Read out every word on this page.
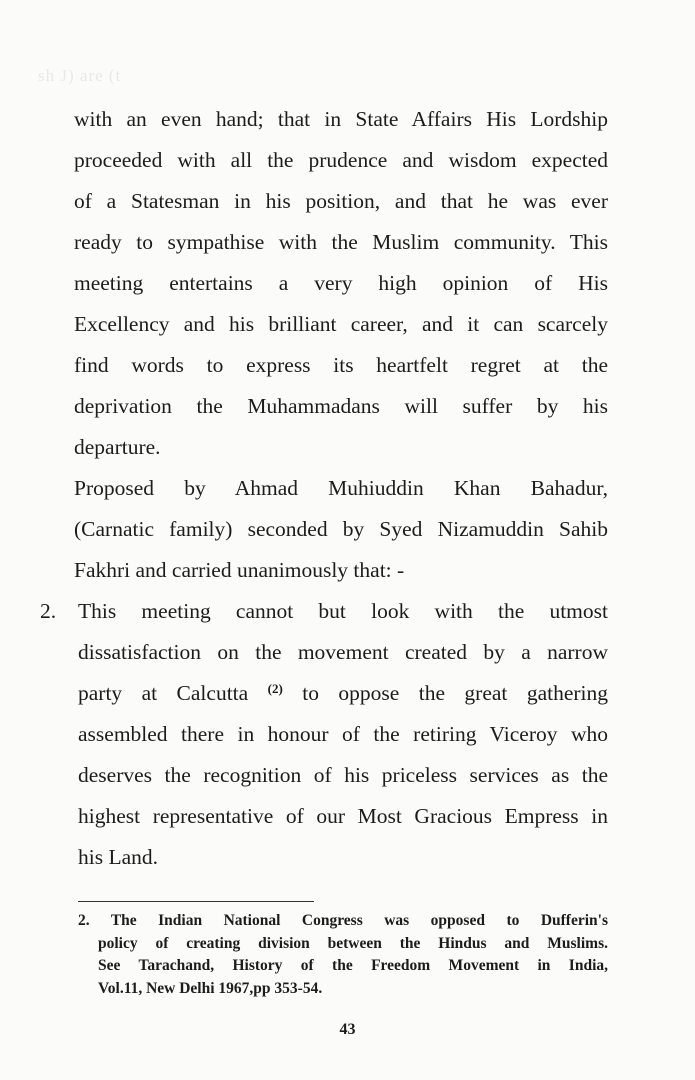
sh J) are (t
with an even hand; that in State Affairs His Lordship
proceeded with all the prudence and wisdom expected
of a Statesman in his position, and that he was ever
ready to sympathise with the Muslim community. This
meeting entertains a very high opinion of His
Excellency and his brilliant career, and it can scarcely
find words to express its heartfelt regret at the
deprivation the Muhammadans will suffer by his
departure.
Proposed by Ahmad Muhiuddin Khan Bahadur,
(Carnatic family) seconded by Syed Nizamuddin Sahib
Fakhri and carried unanimously that: -
2. This meeting cannot but look with the utmost
dissatisfaction on the movement created by a narrow
party at Calcutta $^{(2)}$ to oppose the great gathering
assembled there in honour of the retiring Viceroy who
deserves the recognition of his priceless services as the
highest representative of our Most Gracious Empress in
his Land.
2. The Indian National Congress was opposed to Dufferin's
policy of creating division between the Hindus and Muslims.
See Tarachand, History of the Freedom Movement in India,
Vol.11, New Delhi 1967,pp 353-54.
43
